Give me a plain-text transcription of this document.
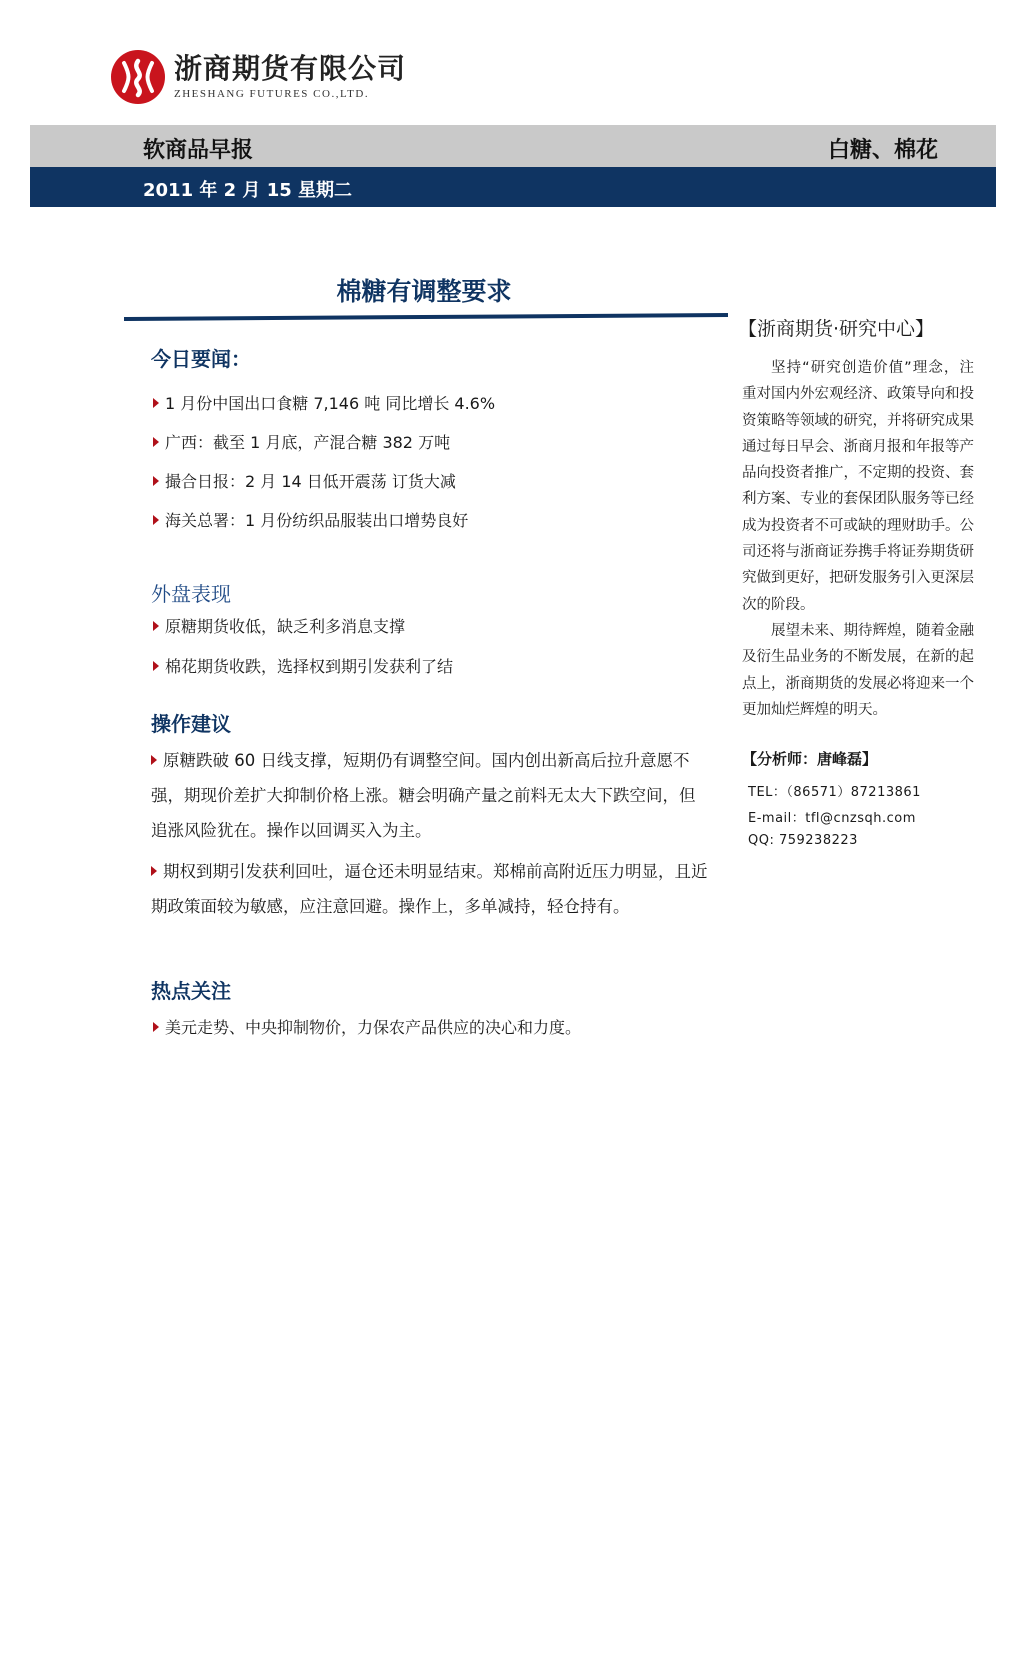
浙商期货有限公司
ZHESHANG FUTURES CO.,LTD.
软商品早报	白糖、棉花
2011 年 2 月 15 星期二
棉糖有调整要求
今日要闻：
1 月份中国出口食糖 7,146 吨 同比增长 4.6%
广西：截至 1 月底，产混合糖 382 万吨
撮合日报：2 月 14 日低开震荡 订货大减
海关总署：1 月份纺织品服装出口增势良好
外盘表现
原糖期货收低，缺乏利多消息支撑
棉花期货收跌，选择权到期引发获利了结
操作建议
原糖跌破 60 日线支撑，短期仍有调整空间。国内创出新高后拉升意愿不强，期现价差扩大抑制价格上涨。糖会明确产量之前料无太大下跌空间，但追涨风险犹在。操作以回调买入为主。
期权到期引发获利回吐，逼仓还未明显结束。郑棉前高附近压力明显，且近期政策面较为敏感，应注意回避。操作上，多单减持，轻仓持有。
热点关注
美元走势、中央抑制物价，力保农产品供应的决心和力度。
【浙商期货·研究中心】

坚持“研究创造价值”理念，注重对国内外宏观经济、政策导向和投资策略等领域的研究，并将研究成果通过每日早会、浙商月报和年报等产品向投资者推广，不定期的投资、套利方案、专业的套保团队服务等已经成为投资者不可或缺的理财助手。公司还将与浙商证券携手将证券期货研究做到更好，把研发服务引入更深层次的阶段。

展望未来、期待辉煌，随着金融及衍生品业务的不断发展，在新的起点上，浙商期货的发展必将迎来一个更加灿烂辉煌的明天。

【分析师：唐峰磊】
TEL：（86571）87213861
E-mail：tfl@cnzsqh.com
QQ: 759238223
